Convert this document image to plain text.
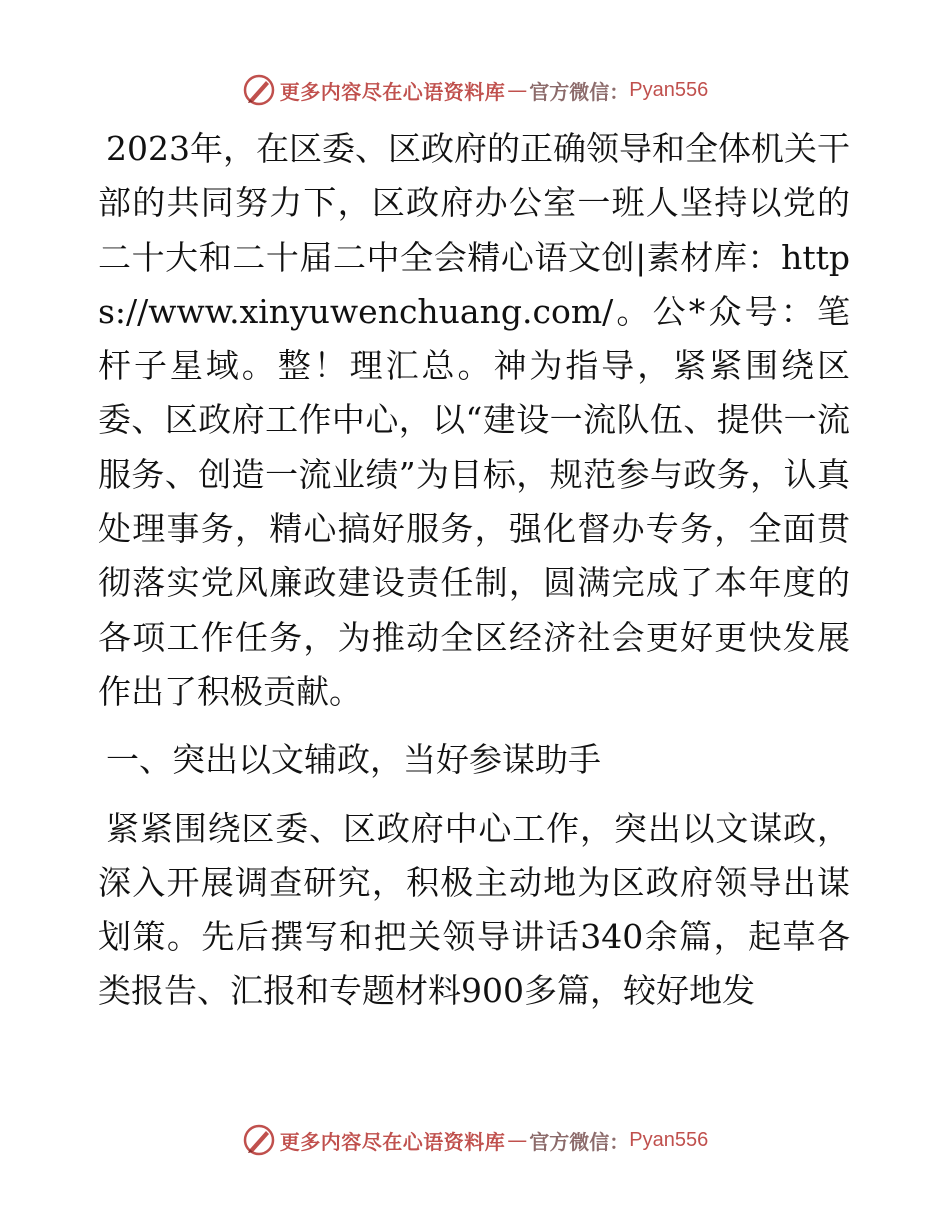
更多内容尽在心语资料库 — 官方微信： Pyan556

2023年，在区委、区政府的正确领导和全体机关干部的共同努力下，区政府办公室一班人坚持以党的二十大和二十届二中全会精心语文创|素材库：https://www.xinyuwenchuang.com/。公*众号：笔杆子星域。整！理汇总。神为指导，紧紧围绕区委、区政府工作中心，以“建设一流队伍、提供一流服务、创造一流业绩”为目标，规范参与政务，认真处理事务，精心搞好服务，强化督办专务，全面贯彻落实党风廉政建设责任制，圆满完成了本年度的各项工作任务，为推动全区经济社会更好更快发展作出了积极贡献。

一、突出以文辅政，当好参谋助手

紧紧围绕区委、区政府中心工作，突出以文谋政，深入开展调查研究，积极主动地为区政府领导出谋划策。先后撰写和把关领导讲话340余篇，起草各类报告、汇报和专题材料900多篇，较好地发

更多内容尽在心语资料库 — 官方微信： Pyan556
